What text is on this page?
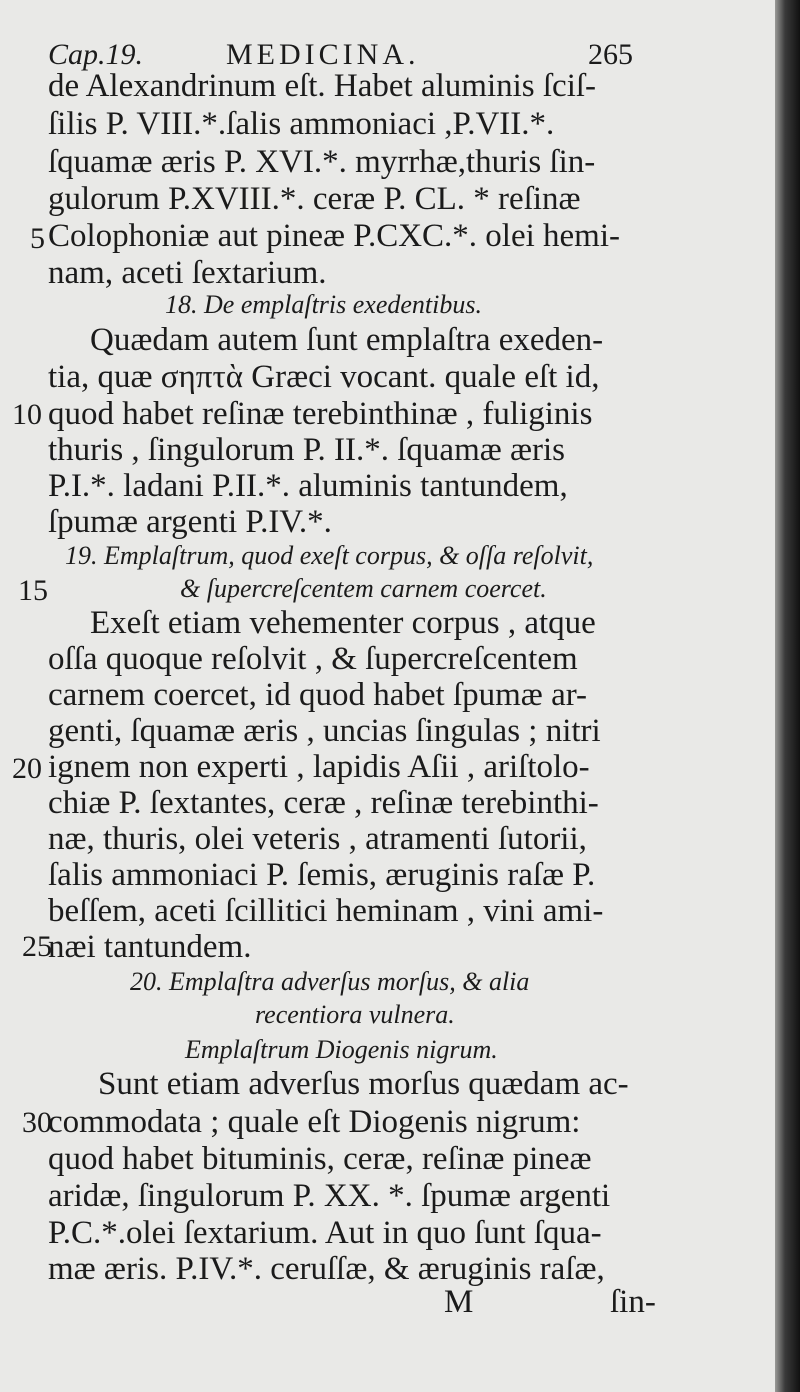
Cap.19.	MEDICINA.	265
de Alexandrinum eſt. Habet aluminis ſciſ-
ſilis P. VIII.*.ſalis ammoniaci ,P.VII.*.
ſquamæ æris P. XVI.*. myrrhæ,thuris ſin-
gulorum P.XVIII.*. ceræ P. CL. * reſinæ
Colophoniæ aut pineæ P.CXC.*. olei hemi-
nam, aceti ſextarium.
18. De emplaſtris exedentibus.
Quædam autem ſunt emplaſtra exeden-
tia, quæ σηπτὰ Græci vocant. quale eſt id,
quod habet reſinæ terebinthinæ , fuliginis
thuris , ſingulorum P. II.*. ſquamæ æris
P.I.*. ladani P.II.*. aluminis tantundem,
ſpumæ argenti P.IV.*.
19. Emplaſtrum, quod exeſt corpus, & oſſa reſolvit,
& ſupercreſcentem carnem coercet.
Exeſt etiam vehementer corpus , atque
oſſa quoque reſolvit , & ſupercreſcentem
carnem coercet, id quod habet ſpumæ ar-
genti, ſquamæ æris , uncias ſingulas ; nitri
ignem non experti , lapidis Aſii , ariſtolo-
chiæ P. ſextantes, ceræ , reſinæ terebinthi-
næ, thuris, olei veteris , atramenti ſutorii,
ſalis ammoniaci P. ſemis, æruginis raſæ P.
beſſem, aceti ſcillitici heminam , vini ami-
næi tantundem.
20. Emplaſtra adverſus morſus, & alia
recentiora vulnera.
Emplaſtrum Diogenis nigrum.
Sunt etiam adverſus morſus quædam ac-
commodata ; quale eſt Diogenis nigrum:
quod habet bituminis, ceræ, reſinæ pineæ
aridæ, ſingulorum P. XX. *. ſpumæ argenti
P.C.*.olei ſextarium. Aut in quo ſunt ſqua-
mæ æris. P.IV.*. ceruſſæ, & æruginis raſæ,
5
10
15
20
25
30
M	ſin-
